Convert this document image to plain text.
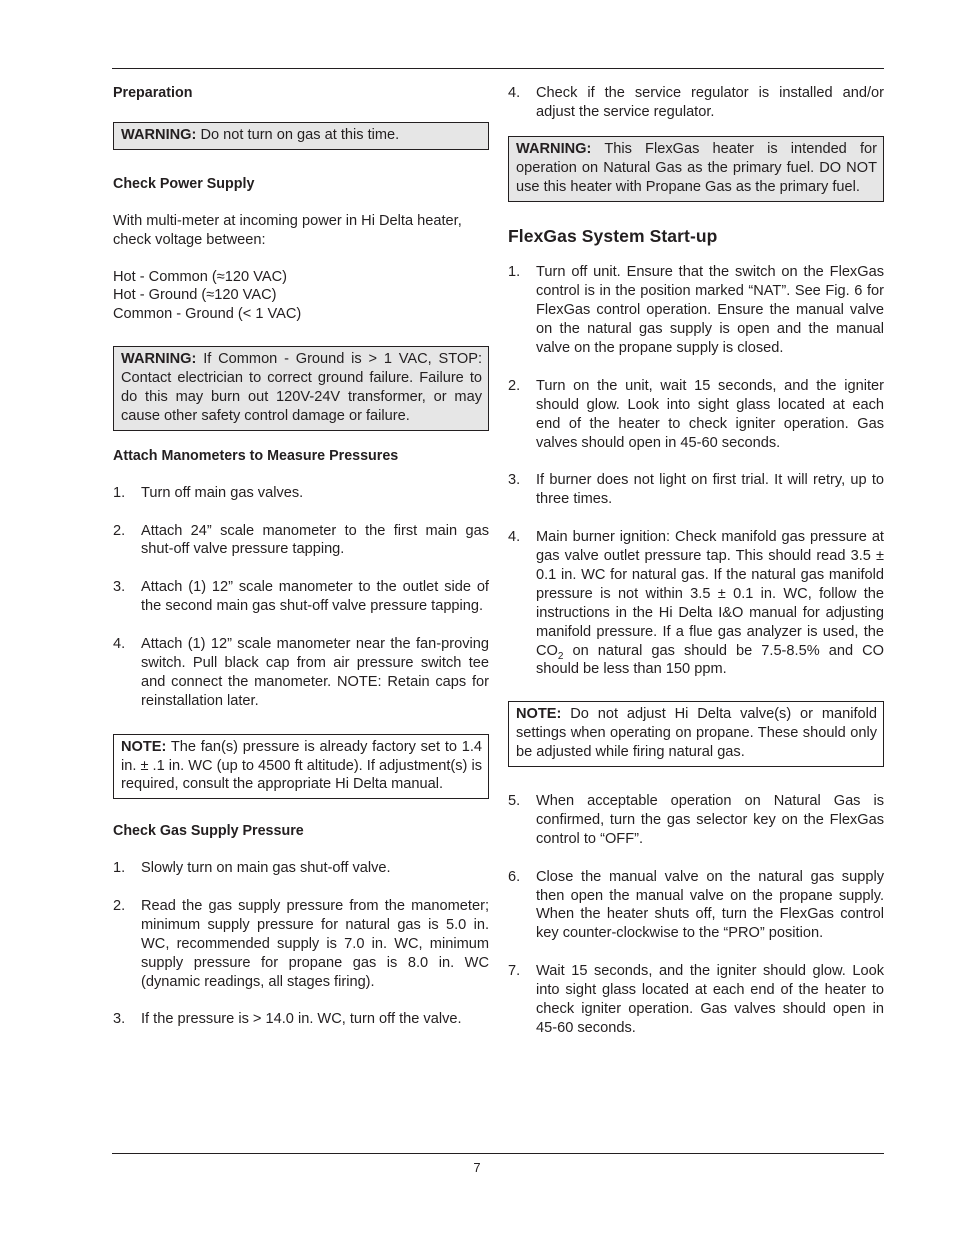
Preparation
WARNING: Do not turn on gas at this time.
Check Power Supply

With multi-meter at incoming power in Hi Delta heater, check voltage between:

Hot - Common (≈120 VAC)
Hot - Ground (≈120 VAC)
Common - Ground (< 1 VAC)
WARNING: If Common - Ground is > 1 VAC, STOP: Contact electrician to correct ground failure. Failure to do this may burn out 120V-24V transformer, or may cause other safety control damage or failure.
Attach Manometers to Measure Pressures
1. Turn off main gas valves.
2. Attach 24” scale manometer to the first main gas shut-off valve pressure tapping.
3. Attach (1) 12” scale manometer to the outlet side of the second main gas shut-off valve pressure tapping.
4. Attach (1) 12” scale manometer near the fan-proving switch. Pull black cap from air pressure switch tee and connect the manometer. NOTE: Retain caps for reinstallation later.
NOTE: The fan(s) pressure is already factory set to 1.4 in. ± .1 in. WC (up to 4500 ft altitude). If adjustment(s) is required, consult the appropriate Hi Delta manual.
Check Gas Supply Pressure
1. Slowly turn on main gas shut-off valve.
2. Read the gas supply pressure from the manometer; minimum supply pressure for natural gas is 5.0 in. WC, recommended supply is 7.0 in. WC, minimum supply pressure for propane gas is 8.0 in. WC (dynamic readings, all stages firing).
3. If the pressure is > 14.0 in. WC, turn off the valve.
4. Check if the service regulator is installed and/or adjust the service regulator.
WARNING: This FlexGas heater is intended for operation on Natural Gas as the primary fuel. DO NOT use this heater with Propane Gas as the primary fuel.
FlexGas System Start-up
1. Turn off unit. Ensure that the switch on the FlexGas control is in the position marked “NAT”. See Fig. 6 for FlexGas control operation. Ensure the manual valve on the natural gas supply is open and the manual valve on the propane supply is closed.
2. Turn on the unit, wait 15 seconds, and the igniter should glow. Look into sight glass located at each end of the heater to check igniter operation. Gas valves should open in 45-60 seconds.
3. If burner does not light on first trial. It will retry, up to three times.
4. Main burner ignition: Check manifold gas pressure at gas valve outlet pressure tap. This should read 3.5 ± 0.1 in. WC for natural gas. If the natural gas manifold pressure is not within 3.5 ± 0.1 in. WC, follow the instructions in the Hi Delta I&O manual for adjusting manifold pressure. If a flue gas analyzer is used, the $CO_2$ on natural gas should be 7.5-8.5% and CO should be less than 150 ppm.
NOTE: Do not adjust Hi Delta valve(s) or manifold settings when operating on propane. These should only be adjusted while firing natural gas.
5. When acceptable operation on Natural Gas is confirmed, turn the gas selector key on the FlexGas control to “OFF”.
6. Close the manual valve on the natural gas supply then open the manual valve on the propane supply. When the heater shuts off, turn the FlexGas control key counter-clockwise to the “PRO” position.
7. Wait 15 seconds, and the igniter should glow. Look into sight glass located at each end of the heater to check igniter operation. Gas valves should open in 45-60 seconds.
7
